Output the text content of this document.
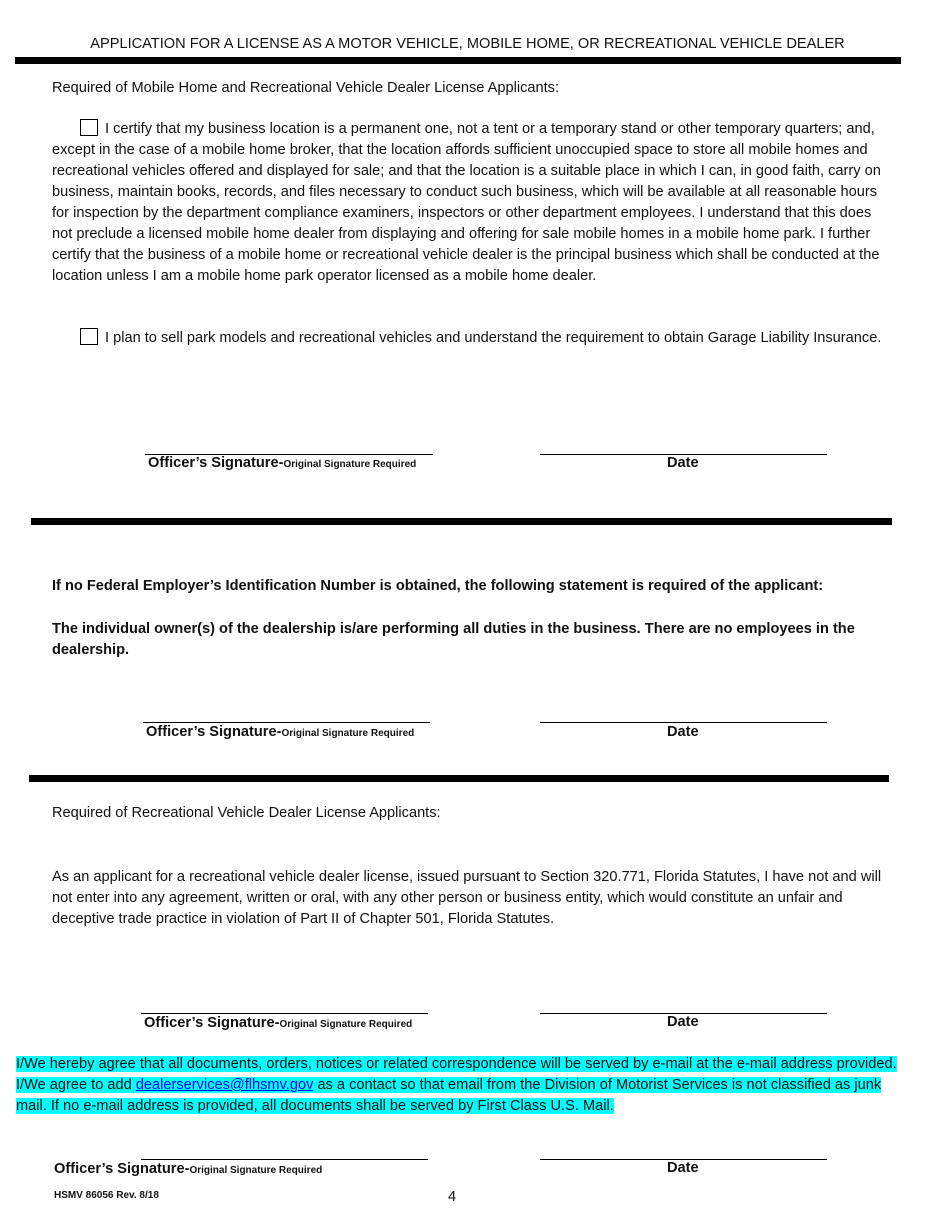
APPLICATION FOR A LICENSE AS A MOTOR VEHICLE, MOBILE HOME, OR RECREATIONAL VEHICLE DEALER
Required of Mobile Home and Recreational Vehicle Dealer License Applicants:

I certify that my business location is a permanent one, not a tent or a temporary stand or other temporary quarters; and, except in the case of a mobile home broker, that the location affords sufficient unoccupied space to store all mobile homes and recreational vehicles offered and displayed for sale; and that the location is a suitable place in which I can, in good faith, carry on business, maintain books, records, and files necessary to conduct such business, which will be available at all reasonable hours for inspection by the department compliance examiners, inspectors or other department employees. I understand that this does not preclude a licensed mobile home dealer from displaying and offering for sale mobile homes in a mobile home park. I further certify that the business of a mobile home or recreational vehicle dealer is the principal business which shall be conducted at the location unless I am a mobile home park operator licensed as a mobile home dealer.

I plan to sell park models and recreational vehicles and understand the requirement to obtain Garage Liability Insurance.

Officer’s Signature-Original Signature Required	Date
If no Federal Employer’s Identification Number is obtained, the following statement is required of the applicant:

The individual owner(s) of the dealership is/are performing all duties in the business. There are no employees in the dealership.

Officer’s Signature-Original Signature Required	Date
Required of Recreational Vehicle Dealer License Applicants:

As an applicant for a recreational vehicle dealer license, issued pursuant to Section 320.771, Florida Statutes, I have not and will not enter into any agreement, written or oral, with any other person or business entity, which would constitute an unfair and deceptive trade practice in violation of Part II of Chapter 501, Florida Statutes.

Officer’s Signature-Original Signature Required	Date

I/We hereby agree that all documents, orders, notices or related correspondence will be served by e-mail at the e-mail address provided. I/We agree to add dealerservices@flhsmv.gov as a contact so that email from the Division of Motorist Services is not classified as junk mail. If no e-mail address is provided, all documents shall be served by First Class U.S. Mail.

Officer’s Signature-Original Signature Required	Date
HSMV 86056 Rev. 8/18	4
